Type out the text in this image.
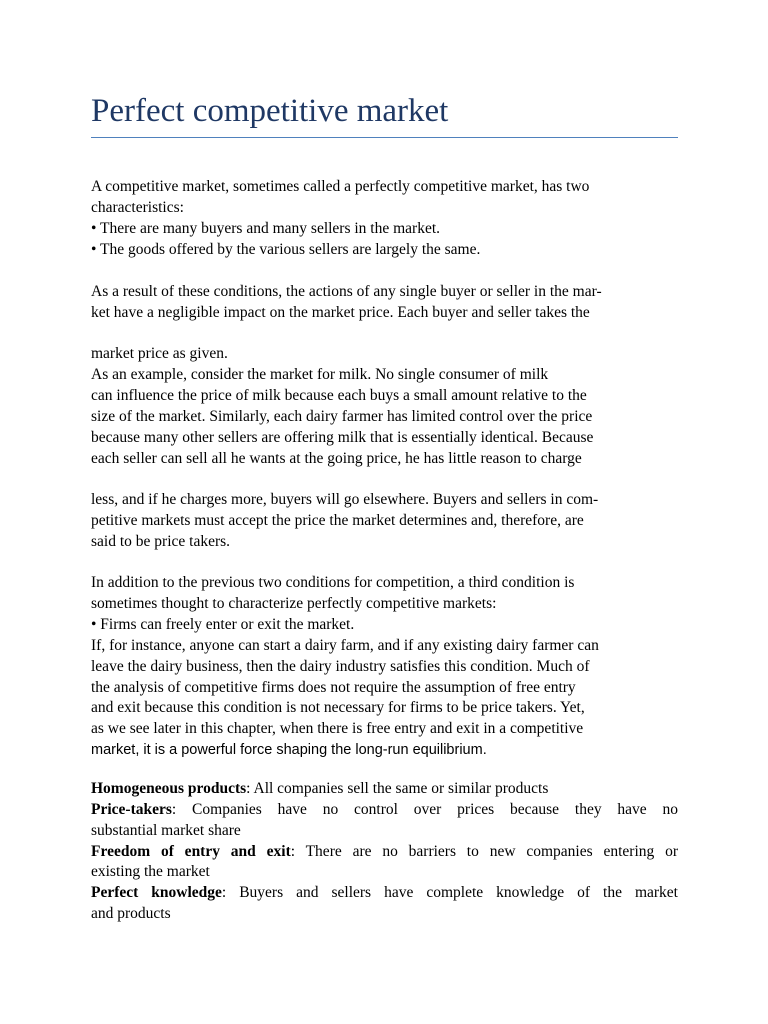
Perfect competitive market
A competitive market, sometimes called a perfectly competitive market, has two
characteristics:
• There are many buyers and many sellers in the market.
• The goods offered by the various sellers are largely the same.
As a result of these conditions, the actions of any single buyer or seller in the mar-
ket have a negligible impact on the market price. Each buyer and seller takes the
market price as given.
As an example, consider the market for milk. No single consumer of milk
can influence the price of milk because each buys a small amount relative to the
size of the market. Similarly, each dairy farmer has limited control over the price
because many other sellers are offering milk that is essentially identical. Because
each seller can sell all he wants at the going price, he has little reason to charge
less, and if he charges more, buyers will go elsewhere. Buyers and sellers in com-
petitive markets must accept the price the market determines and, therefore, are
said to be price takers.
In addition to the previous two conditions for competition, a third condition is
sometimes thought to characterize perfectly competitive markets:
• Firms can freely enter or exit the market.
If, for instance, anyone can start a dairy farm, and if any existing dairy farmer can
leave the dairy business, then the dairy industry satisfies this condition. Much of
the analysis of competitive firms does not require the assumption of free entry
and exit because this condition is not necessary for firms to be price takers. Yet,
as we see later in this chapter, when there is free entry and exit in a competitive
market, it is a powerful force shaping the long-run equilibrium.
Homogeneous products: All companies sell the same or similar products
Price-takers: Companies have no control over prices because they have no
substantial market share
Freedom of entry and exit: There are no barriers to new companies entering or
existing the market
Perfect knowledge: Buyers and sellers have complete knowledge of the market
and products
